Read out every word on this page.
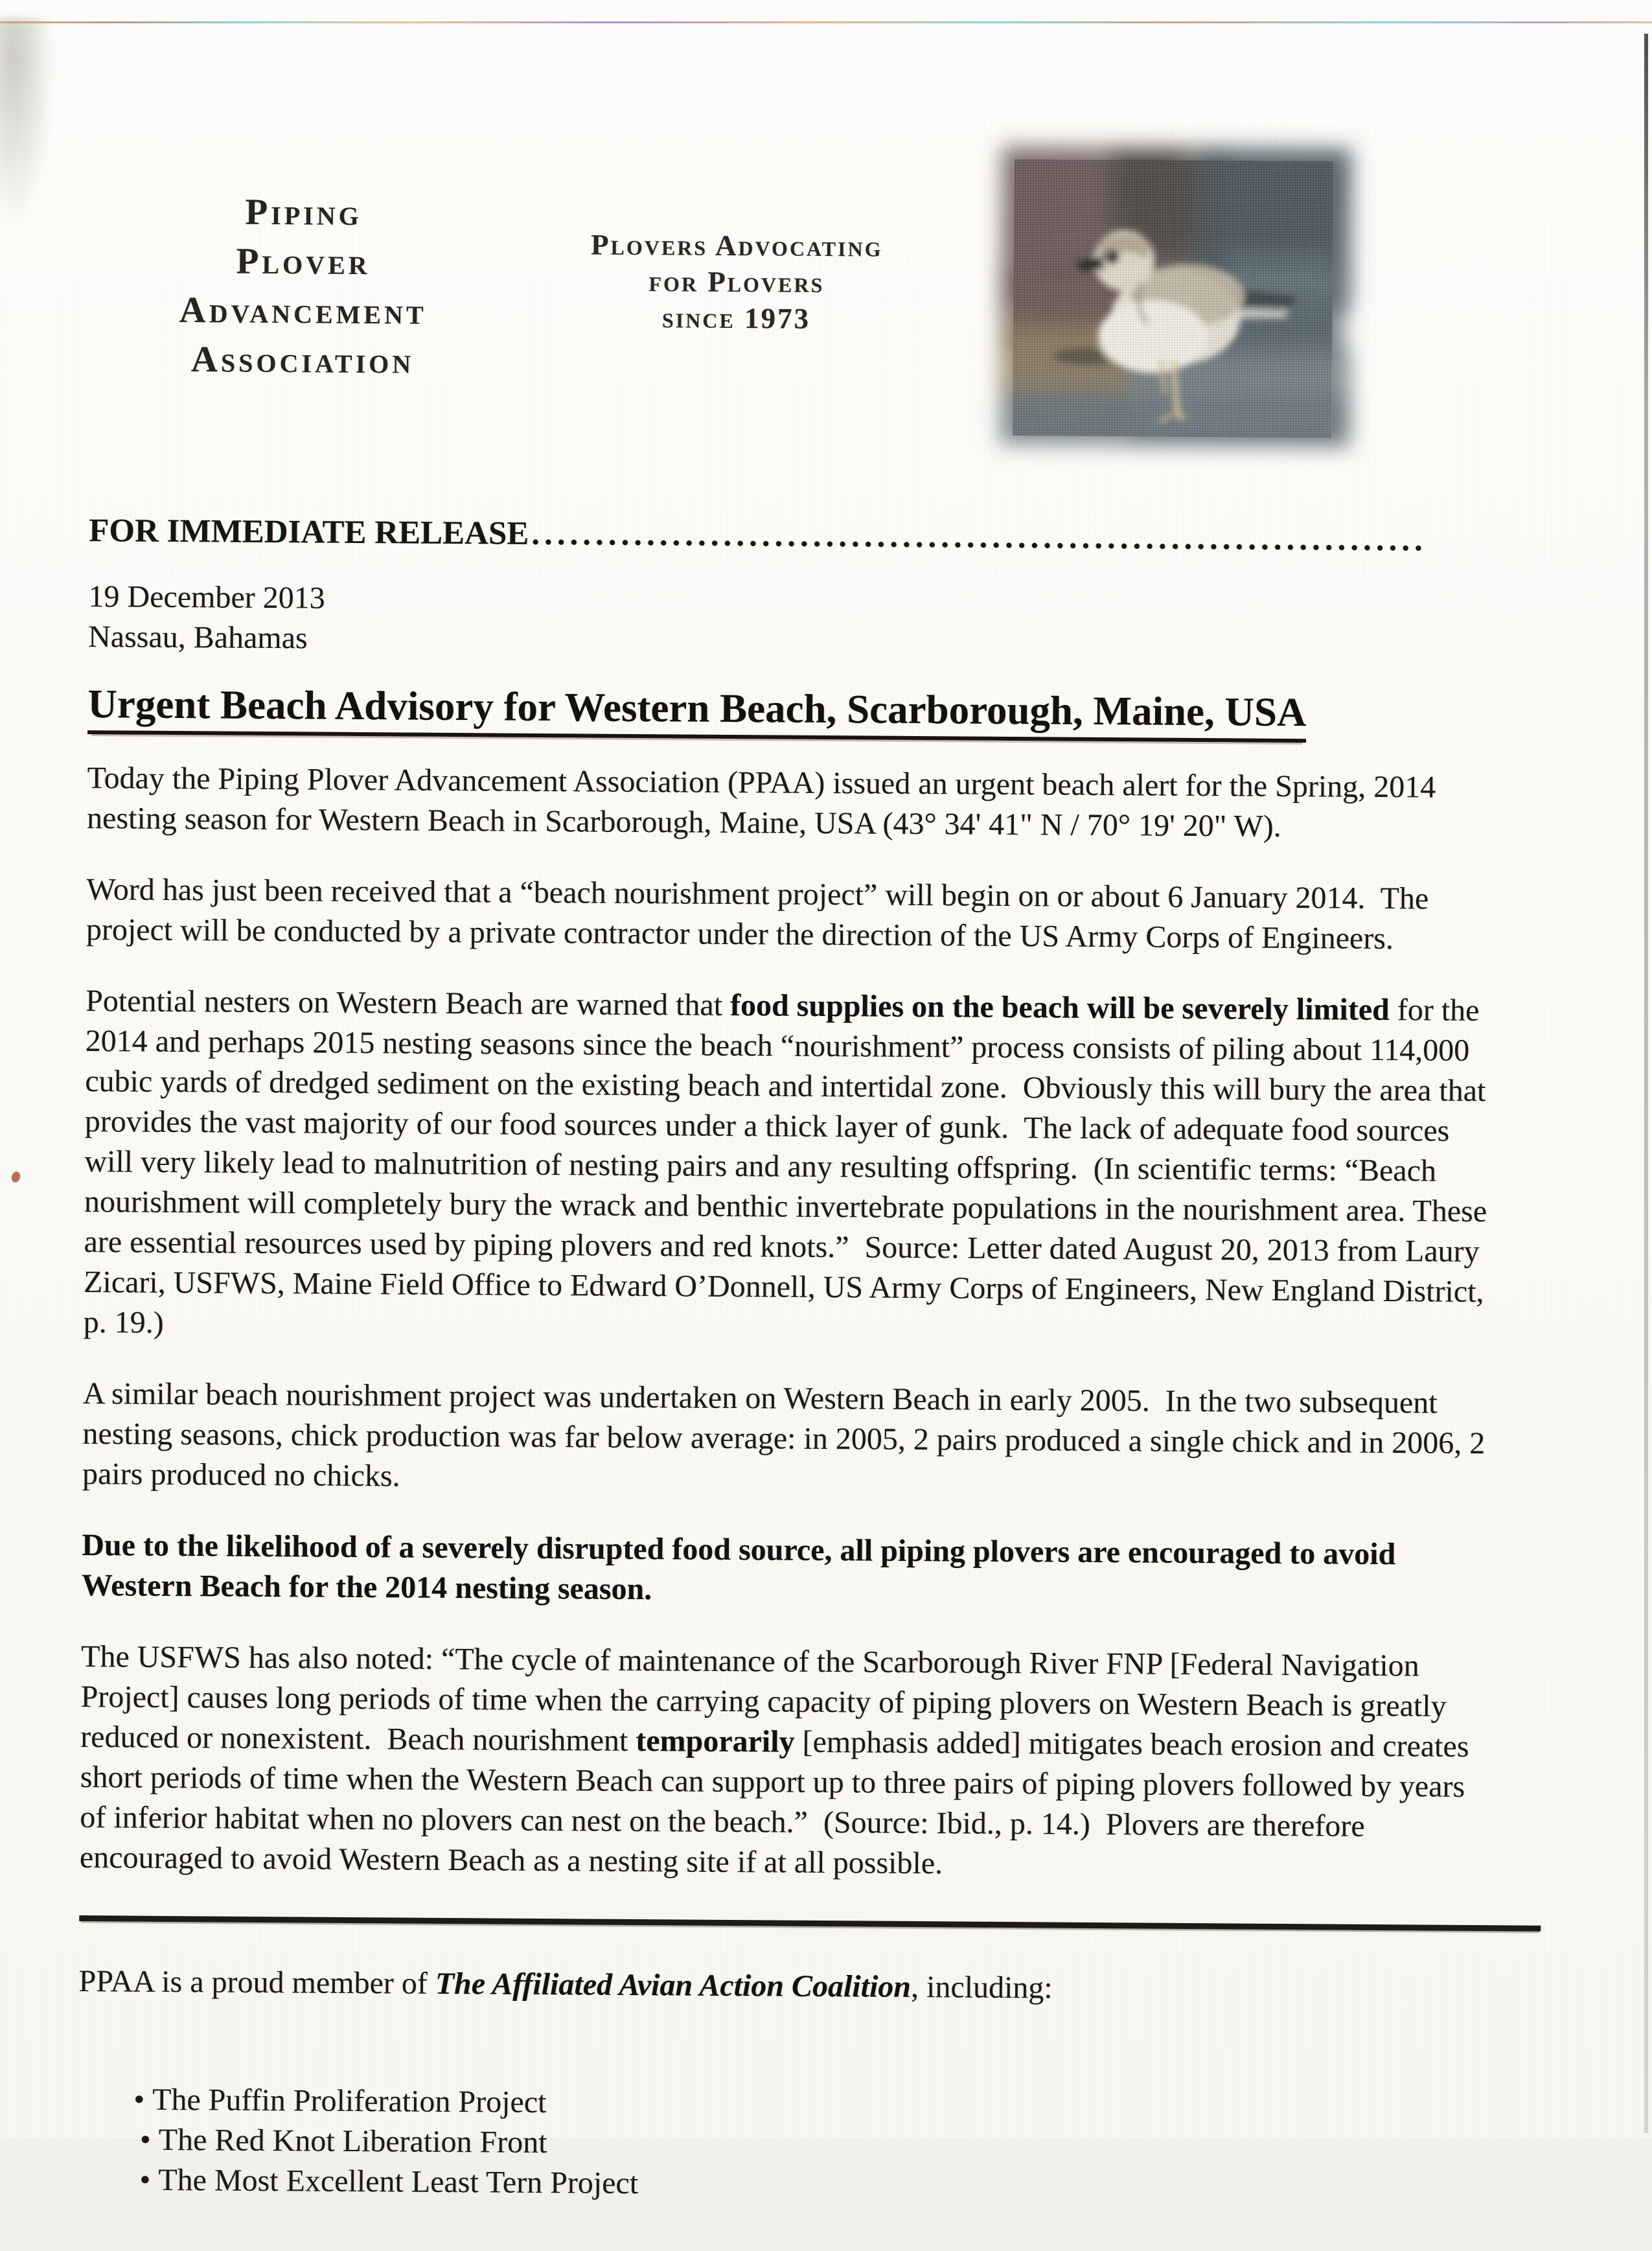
Piping
Plover
Advancement
Association
Plovers Advocating
for Plovers
since 1973
FOR IMMEDIATE RELEASE......................................................................
19 December 2013
Nassau, Bahamas
Urgent Beach Advisory for Western Beach, Scarborough, Maine, USA

Today the Piping Plover Advancement Association (PPAA) issued an urgent beach alert for the Spring, 2014 nesting season for Western Beach in Scarborough, Maine, USA (43° 34' 41" N / 70° 19' 20" W).

Word has just been received that a “beach nourishment project” will begin on or about 6 January 2014.  The project will be conducted by a private contractor under the direction of the US Army Corps of Engineers.

Potential nesters on Western Beach are warned that food supplies on the beach will be severely limited for the 2014 and perhaps 2015 nesting seasons since the beach “nourishment” process consists of piling about 114,000 cubic yards of dredged sediment on the existing beach and intertidal zone.  Obviously this will bury the area that provides the vast majority of our food sources under a thick layer of gunk.  The lack of adequate food sources will very likely lead to malnutrition of nesting pairs and any resulting offspring.  (In scientific terms: “Beach nourishment will completely bury the wrack and benthic invertebrate populations in the nourishment area. These are essential resources used by piping plovers and red knots.”  Source: Letter dated August 20, 2013 from Laury Zicari, USFWS, Maine Field Office to Edward O’Donnell, US Army Corps of Engineers, New England District, p. 19.)

A similar beach nourishment project was undertaken on Western Beach in early 2005.  In the two subsequent nesting seasons, chick production was far below average: in 2005, 2 pairs produced a single chick and in 2006, 2 pairs produced no chicks.

Due to the likelihood of a severely disrupted food source, all piping plovers are encouraged to avoid Western Beach for the 2014 nesting season.

The USFWS has also noted: “The cycle of maintenance of the Scarborough River FNP [Federal Navigation Project] causes long periods of time when the carrying capacity of piping plovers on Western Beach is greatly reduced or nonexistent.  Beach nourishment temporarily [emphasis added] mitigates beach erosion and creates short periods of time when the Western Beach can support up to three pairs of piping plovers followed by years of inferior habitat when no plovers can nest on the beach.”  (Source: Ibid., p. 14.)  Plovers are therefore encouraged to avoid Western Beach as a nesting site if at all possible.

PPAA is a proud member of The Affiliated Avian Action Coalition, including:

• The Puffin Proliferation Project
• The Red Knot Liberation Front
• The Most Excellent Least Tern Project
